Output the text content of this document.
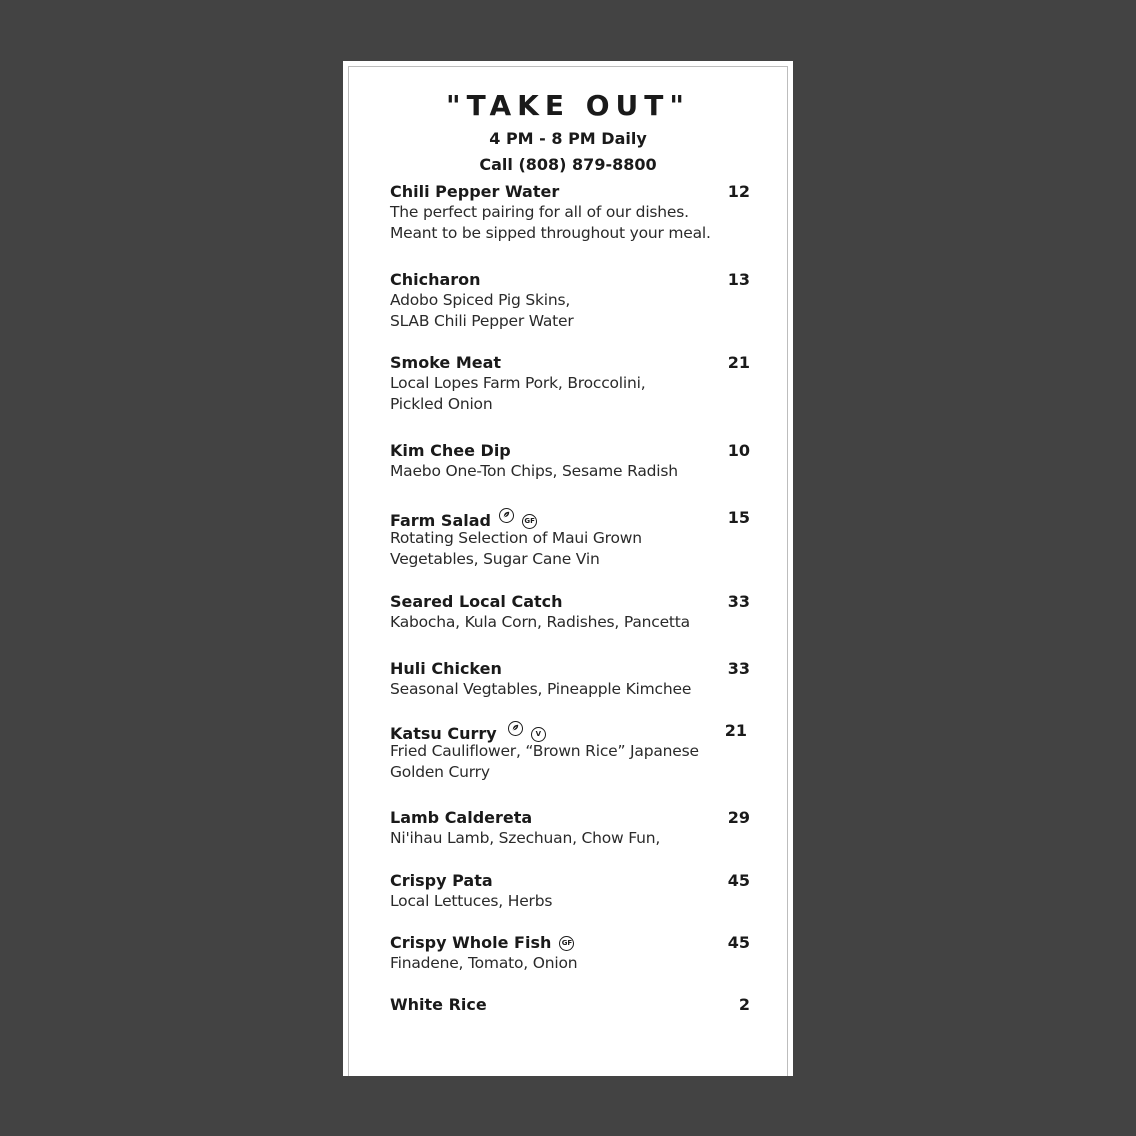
"TAKE OUT"
4 PM - 8 PM Daily
Call (808) 879-8800
Chili Pepper Water	12
The perfect pairing for all of our dishes.
Meant to be sipped throughout your meal.
Chicharon	13
Adobo Spiced Pig Skins,
SLAB Chili Pepper Water
Smoke Meat	21
Local Lopes Farm Pork, Broccolini,
Pickled Onion
Kim Chee Dip	10
Maebo One-Ton Chips, Sesame Radish
Farm Salad	GF	15
Rotating Selection of Maui Grown
Vegetables, Sugar Cane Vin
Seared Local Catch	33
Kabocha, Kula Corn, Radishes, Pancetta
Huli Chicken	33
Seasonal Vegtables, Pineapple Kimchee
Katsu Curry	V	21
Fried Cauliflower, “Brown Rice” Japanese
Golden Curry
Lamb Caldereta	29
Ni'ihau Lamb, Szechuan, Chow Fun,
Crispy Pata	45
Local Lettuces, Herbs
Crispy Whole Fish GF	45
Finadene, Tomato, Onion
White Rice	2
